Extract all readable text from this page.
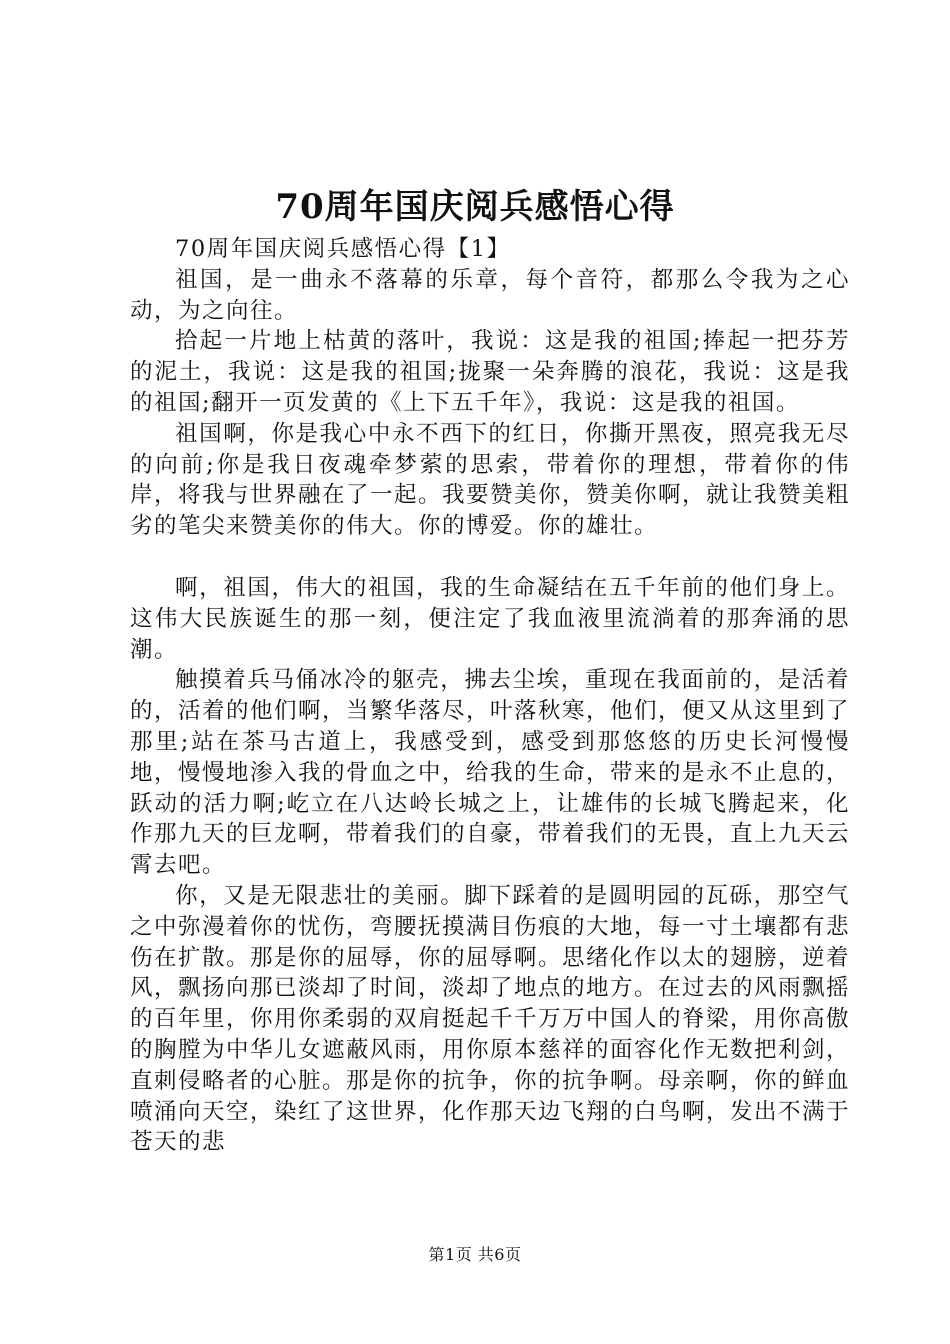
70周年国庆阅兵感悟心得

70周年国庆阅兵感悟心得【1】

祖国，是一曲永不落幕的乐章，每个音符，都那么令我为之心动，为之向往。

拾起一片地上枯黄的落叶，我说：这是我的祖国;捧起一把芬芳的泥土，我说：这是我的祖国;拢聚一朵奔腾的浪花，我说：这是我的祖国;翻开一页发黄的《上下五千年》，我说：这是我的祖国。

祖国啊，你是我心中永不西下的红日，你撕开黑夜，照亮我无尽的向前;你是我日夜魂牵梦萦的思索，带着你的理想，带着你的伟岸，将我与世界融在了一起。我要赞美你，赞美你啊，就让我赞美粗劣的笔尖来赞美你的伟大。你的博爱。你的雄壮。

啊，祖国，伟大的祖国，我的生命凝结在五千年前的他们身上。这伟大民族诞生的那一刻，便注定了我血液里流淌着的那奔涌的思潮。

触摸着兵马俑冰冷的躯壳，拂去尘埃，重现在我面前的，是活着的，活着的他们啊，当繁华落尽，叶落秋寒，他们，便又从这里到了那里;站在茶马古道上，我感受到，感受到那悠悠的历史长河慢慢地，慢慢地渗入我的骨血之中，给我的生命，带来的是永不止息的，跃动的活力啊;屹立在八达岭长城之上，让雄伟的长城飞腾起来，化作那九天的巨龙啊，带着我们的自豪，带着我们的无畏，直上九天云霄去吧。

你，又是无限悲壮的美丽。脚下踩着的是圆明园的瓦砾，那空气之中弥漫着你的忧伤，弯腰抚摸满目伤痕的大地，每一寸土壤都有悲伤在扩散。那是你的屈辱，你的屈辱啊。思绪化作以太的翅膀，逆着风，飘扬向那已淡却了时间，淡却了地点的地方。在过去的风雨飘摇的百年里，你用你柔弱的双肩挺起千千万万中国人的脊梁，用你高傲的胸膛为中华儿女遮蔽风雨，用你原本慈祥的面容化作无数把利剑，直刺侵略者的心脏。那是你的抗争，你的抗争啊。母亲啊，你的鲜血喷涌向天空，染红了这世界，化作那天边飞翔的白鸟啊，发出不满于苍天的悲

第1页 共6页
